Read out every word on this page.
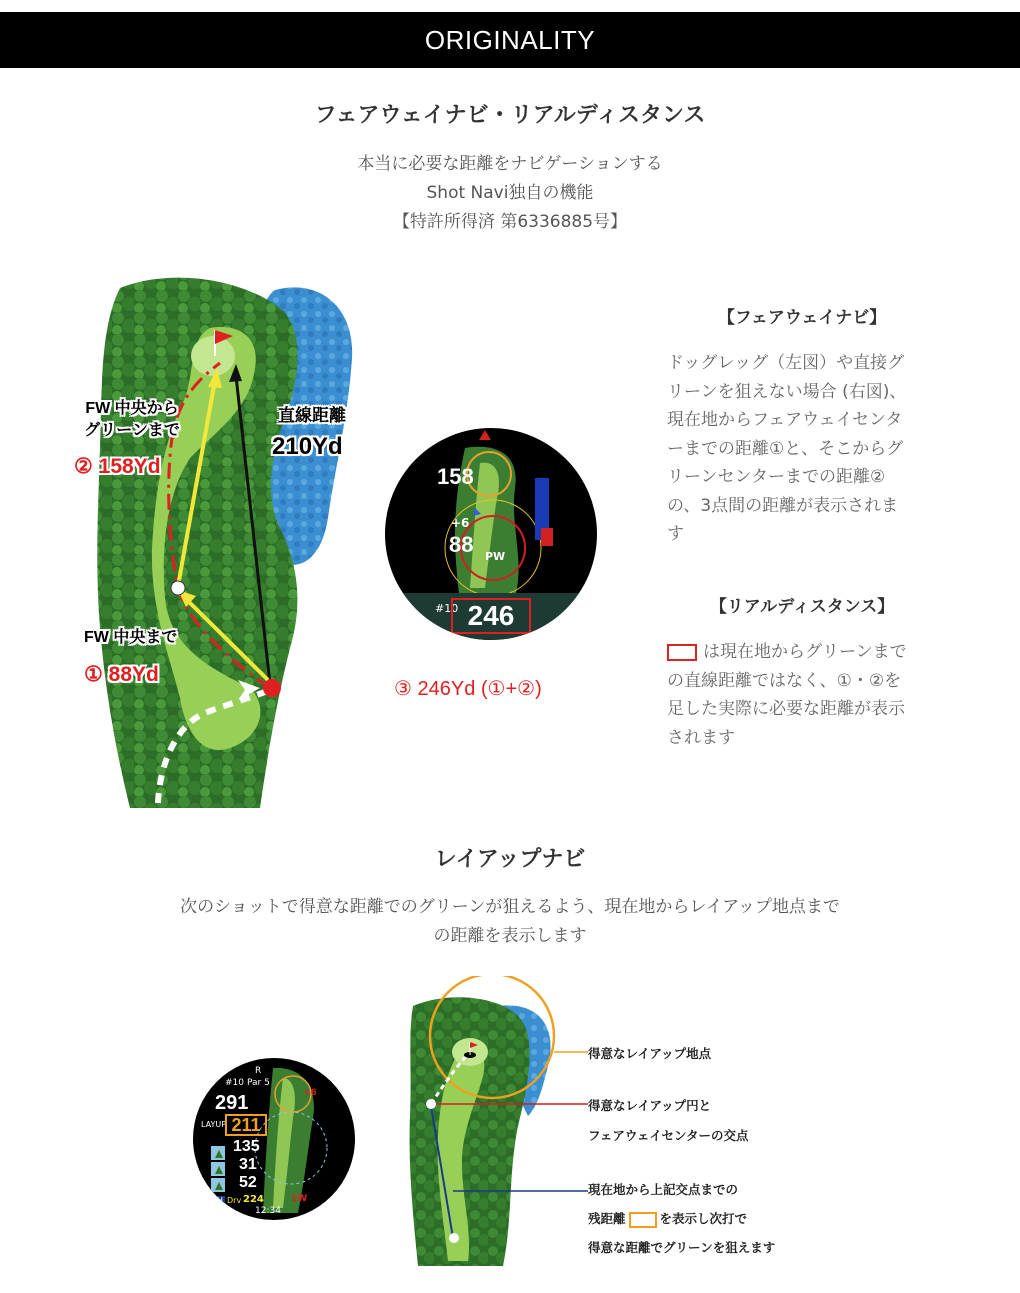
ORIGINALITY
フェアウェイナビ・リアルディスタンス
本当に必要な距離をナビゲーションする
Shot Navi独自の機能
【特許所得済 第6336885号】
FW 中央から
グリーンまで
② 158Yd
直線距離
210Yd
FW 中央まで
① 88Yd
158
+6
88 PW
#10 246
③ 246Yd (①+②)
【フェアウェイナビ】
ドッグレッグ（左図）や直接グ
リーンを狙えない場合 (右図)、
現在地からフェアウェイセンタ
ーまでの距離①と、そこからグ
リーンセンターまでの距離②
の、3点間の距離が表示されま
す
【リアルディスタンス】
は現在地からグリーンまで
の直線距離ではなく、①・②を
足した実際に必要な距離が表示
されます
レイアップナビ
次のショットで得意な距離でのグリーンが狙えるよう、現在地からレイアップ地点まで
の距離を表示します
R
#10 Par 5
+6
291
LAYUP 211
135
31
52
H Drv 224	1W
12:34
得意なレイアップ地点
得意なレイアップ円と
フェアウェイセンターの交点
現在地から上記交点までの
残距離	を表示し次打で
得意な距離でグリーンを狙えます
